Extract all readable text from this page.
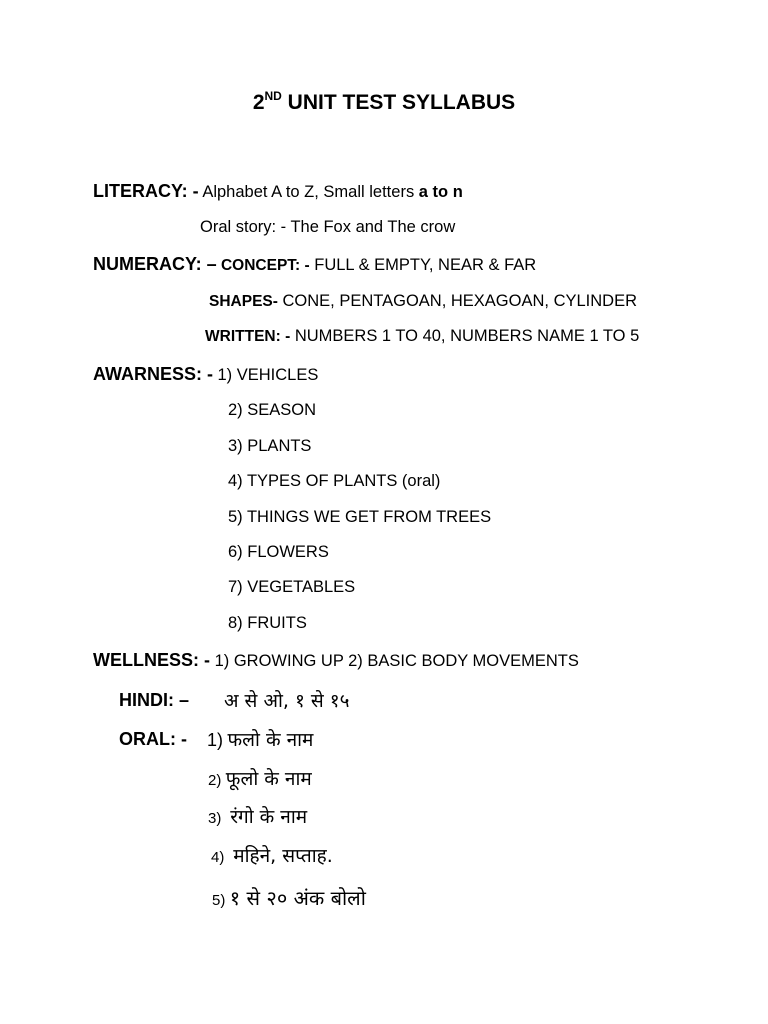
2ND UNIT TEST SYLLABUS
LITERACY: - Alphabet A to Z, Small letters a to n
Oral story: - The Fox and The crow
NUMERACY: – CONCEPT: - FULL & EMPTY, NEAR & FAR
SHAPES- CONE, PENTAGOAN, HEXAGOAN, CYLINDER
WRITTEN: - NUMBERS 1 TO 40, NUMBERS NAME 1 TO 5
AWARNESS: - 1) VEHICLES
2) SEASON
3) PLANTS
4) TYPES OF PLANTS (oral)
5) THINGS WE GET FROM TREES
6) FLOWERS
7) VEGETABLES
8) FRUITS
WELLNESS: - 1) GROWING UP 2) BASIC BODY MOVEMENTS
HINDI: – अ से ओ, १ से १५
ORAL: - 1) फलो के नाम
2) फूलो के नाम
3) रंगो के नाम
4) महिने, सप्ताह.
5) १ से २० अंक बोलो
